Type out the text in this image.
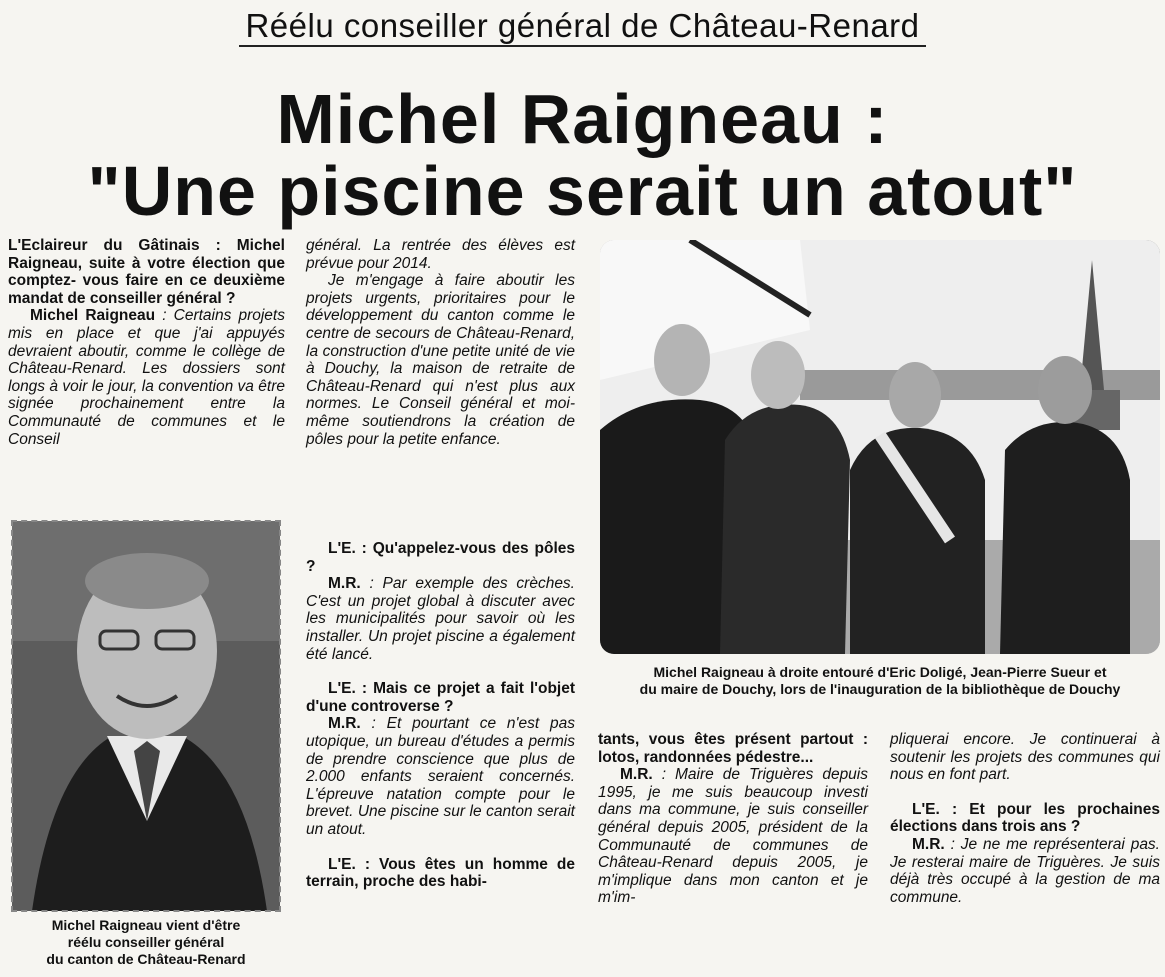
Réélu conseiller général de Château-Renard
Michel Raigneau :
"Une piscine serait un atout"

L'Eclaireur du Gâtinais : Michel Raigneau, suite à votre élection que comptez- vous faire en ce deuxième mandat de conseiller général ?

Michel Raigneau : Certains projets mis en place et que j'ai appuyés devraient aboutir, comme le collège de Château-Renard. Les dossiers sont longs à voir le jour, la convention va être signée prochainement entre la Communauté de communes et le Conseil

Michel Raigneau vient d'être
réélu conseiller général
du canton de Château-Renard

général. La rentrée des élèves est prévue pour 2014.

Je m'engage à faire aboutir les projets urgents, prioritaires pour le développement du canton comme le centre de secours de Château-Renard, la construction d'une petite unité de vie à Douchy, la maison de retraite de Château-Renard qui n'est plus aux normes. Le Conseil général et moi-même soutiendrons la création de pôles pour la petite enfance.

L'E. : Qu'appelez-vous des pôles ?

M.R. : Par exemple des crèches. C'est un projet global à discuter avec les municipalités pour savoir où les installer. Un projet piscine a également été lancé.

L'E. : Mais ce projet a fait l'objet d'une controverse ?

M.R. : Et pourtant ce n'est pas utopique, un bureau d'études a permis de prendre conscience que plus de 2.000 enfants seraient concernés. L'épreuve natation compte pour le brevet. Une piscine sur le canton serait un atout.

L'E. : Vous êtes un homme de terrain, proche des habi-

Michel Raigneau à droite entouré d'Eric Doligé, Jean-Pierre Sueur et
du maire de Douchy, lors de l'inauguration de la bibliothèque de Douchy

tants, vous êtes présent partout : lotos, randonnées pédestre...

M.R. : Maire de Triguères depuis 1995, je me suis beaucoup investi dans ma commune, je suis conseiller général depuis 2005, président de la Communauté de communes de Château-Renard depuis 2005, je m'implique dans mon canton et je m'im-

pliquerai encore. Je continuerai à soutenir les projets des communes qui nous en font part.

L'E. : Et pour les prochaines élections dans trois ans ?

M.R. : Je ne me représenterai pas. Je resterai maire de Triguères. Je suis déjà très occupé à la gestion de ma commune.
